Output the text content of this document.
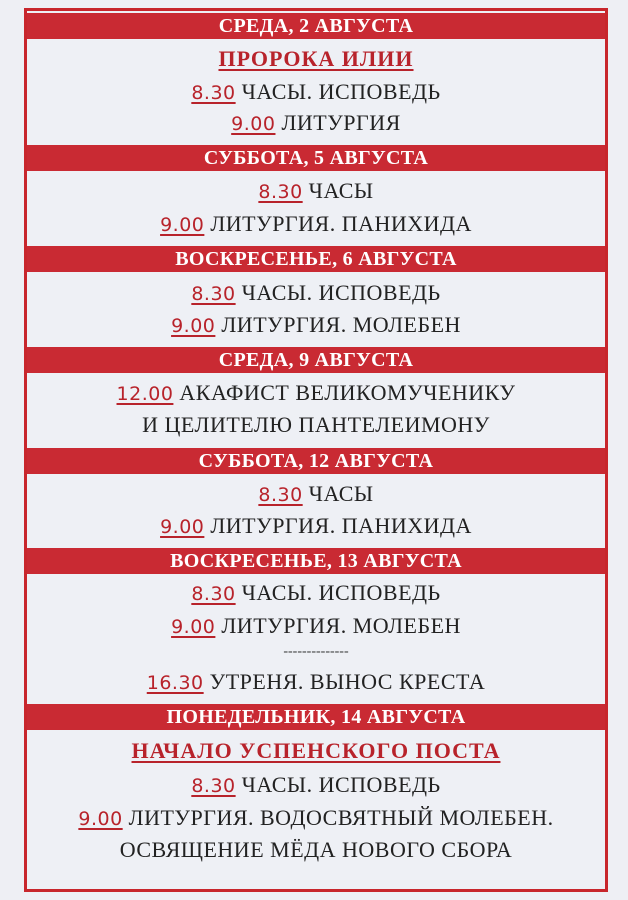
СРЕДА, 2 АВГУСТА
ПРОРОКА ИЛИИ
8.30 ЧАСЫ. ИСПОВЕДЬ
9.00 ЛИТУРГИЯ
СУББОТА, 5 АВГУСТА
8.30 ЧАСЫ
9.00 ЛИТУРГИЯ. ПАНИХИДА
ВОСКРЕСЕНЬЕ, 6 АВГУСТА
8.30 ЧАСЫ. ИСПОВЕДЬ
9.00 ЛИТУРГИЯ. МОЛЕБЕН
СРЕДА, 9 АВГУСТА
12.00 АКАФИСТ ВЕЛИКОМУЧЕНИКУ
И ЦЕЛИТЕЛЮ ПАНТЕЛЕИМОНУ
СУББОТА, 12 АВГУСТА
8.30 ЧАСЫ
9.00 ЛИТУРГИЯ. ПАНИХИДА
ВОСКРЕСЕНЬЕ, 13 АВГУСТА
8.30 ЧАСЫ. ИСПОВЕДЬ
9.00 ЛИТУРГИЯ. МОЛЕБЕН
--------------
16.30 УТРЕНЯ. ВЫНОС КРЕСТА
ПОНЕДЕЛЬНИК, 14 АВГУСТА
НАЧАЛО УСПЕНСКОГО ПОСТА
8.30 ЧАСЫ. ИСПОВЕДЬ
9.00 ЛИТУРГИЯ. ВОДОСВЯТНЫЙ МОЛЕБЕН.
ОСВЯЩЕНИЕ МЁДА НОВОГО СБОРА
